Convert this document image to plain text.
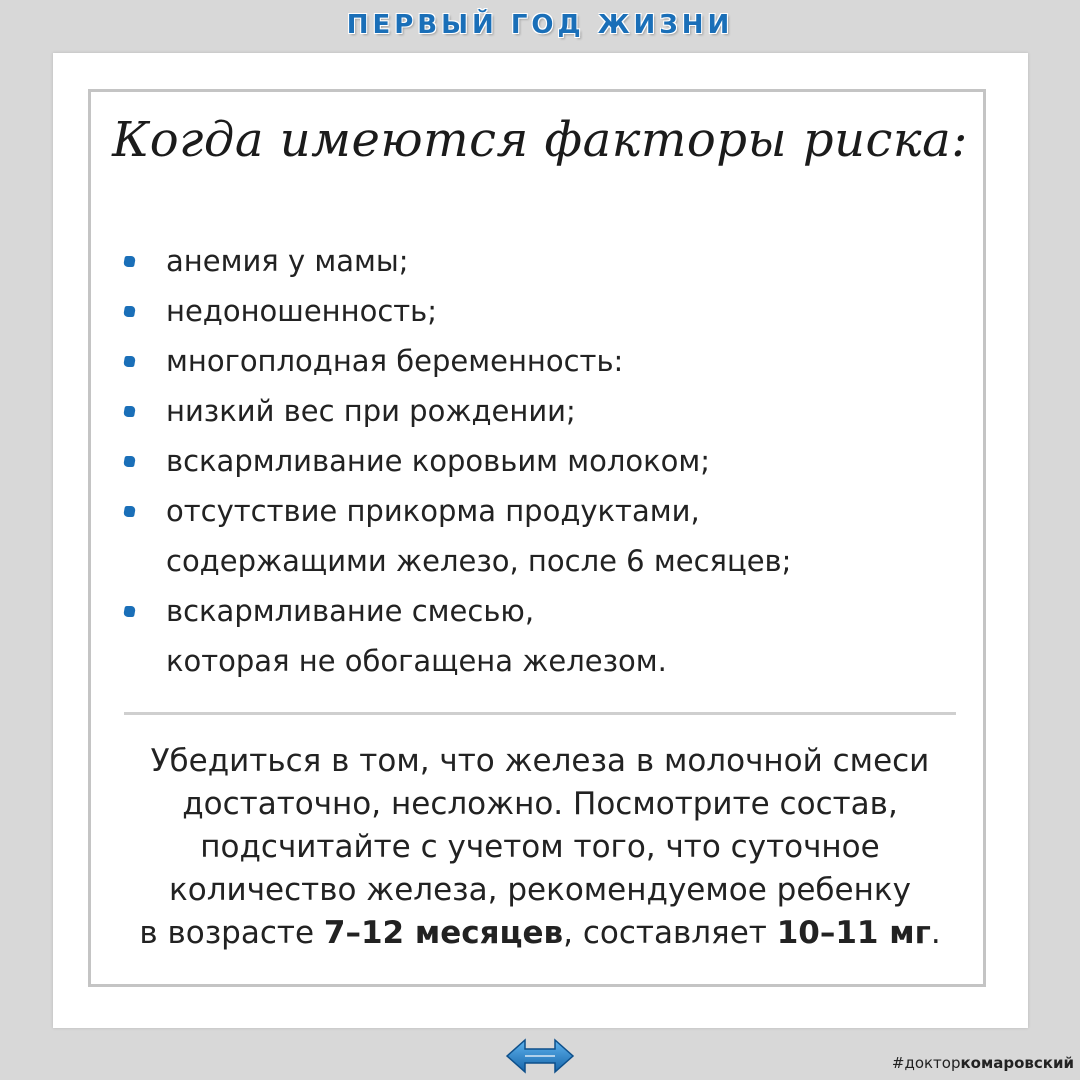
ПЕРВЫЙ ГОД ЖИЗНИ
Когда имеются факторы риска:
анемия у мамы;
недоношенность;
многоплодная беременность:
низкий вес при рождении;
вскармливание коровьим молоком;
отсутствие прикорма продуктами,
содержащими железо, после 6 месяцев;
вскармливание смесью,
которая не обогащена железом.
Убедиться в том, что железа в молочной смеси
достаточно, несложно. Посмотрите состав,
подсчитайте с учетом того, что суточное
количество железа, рекомендуемое ребенку
в возрасте 7–12 месяцев, составляет 10–11 мг.
#докторкомаровский
